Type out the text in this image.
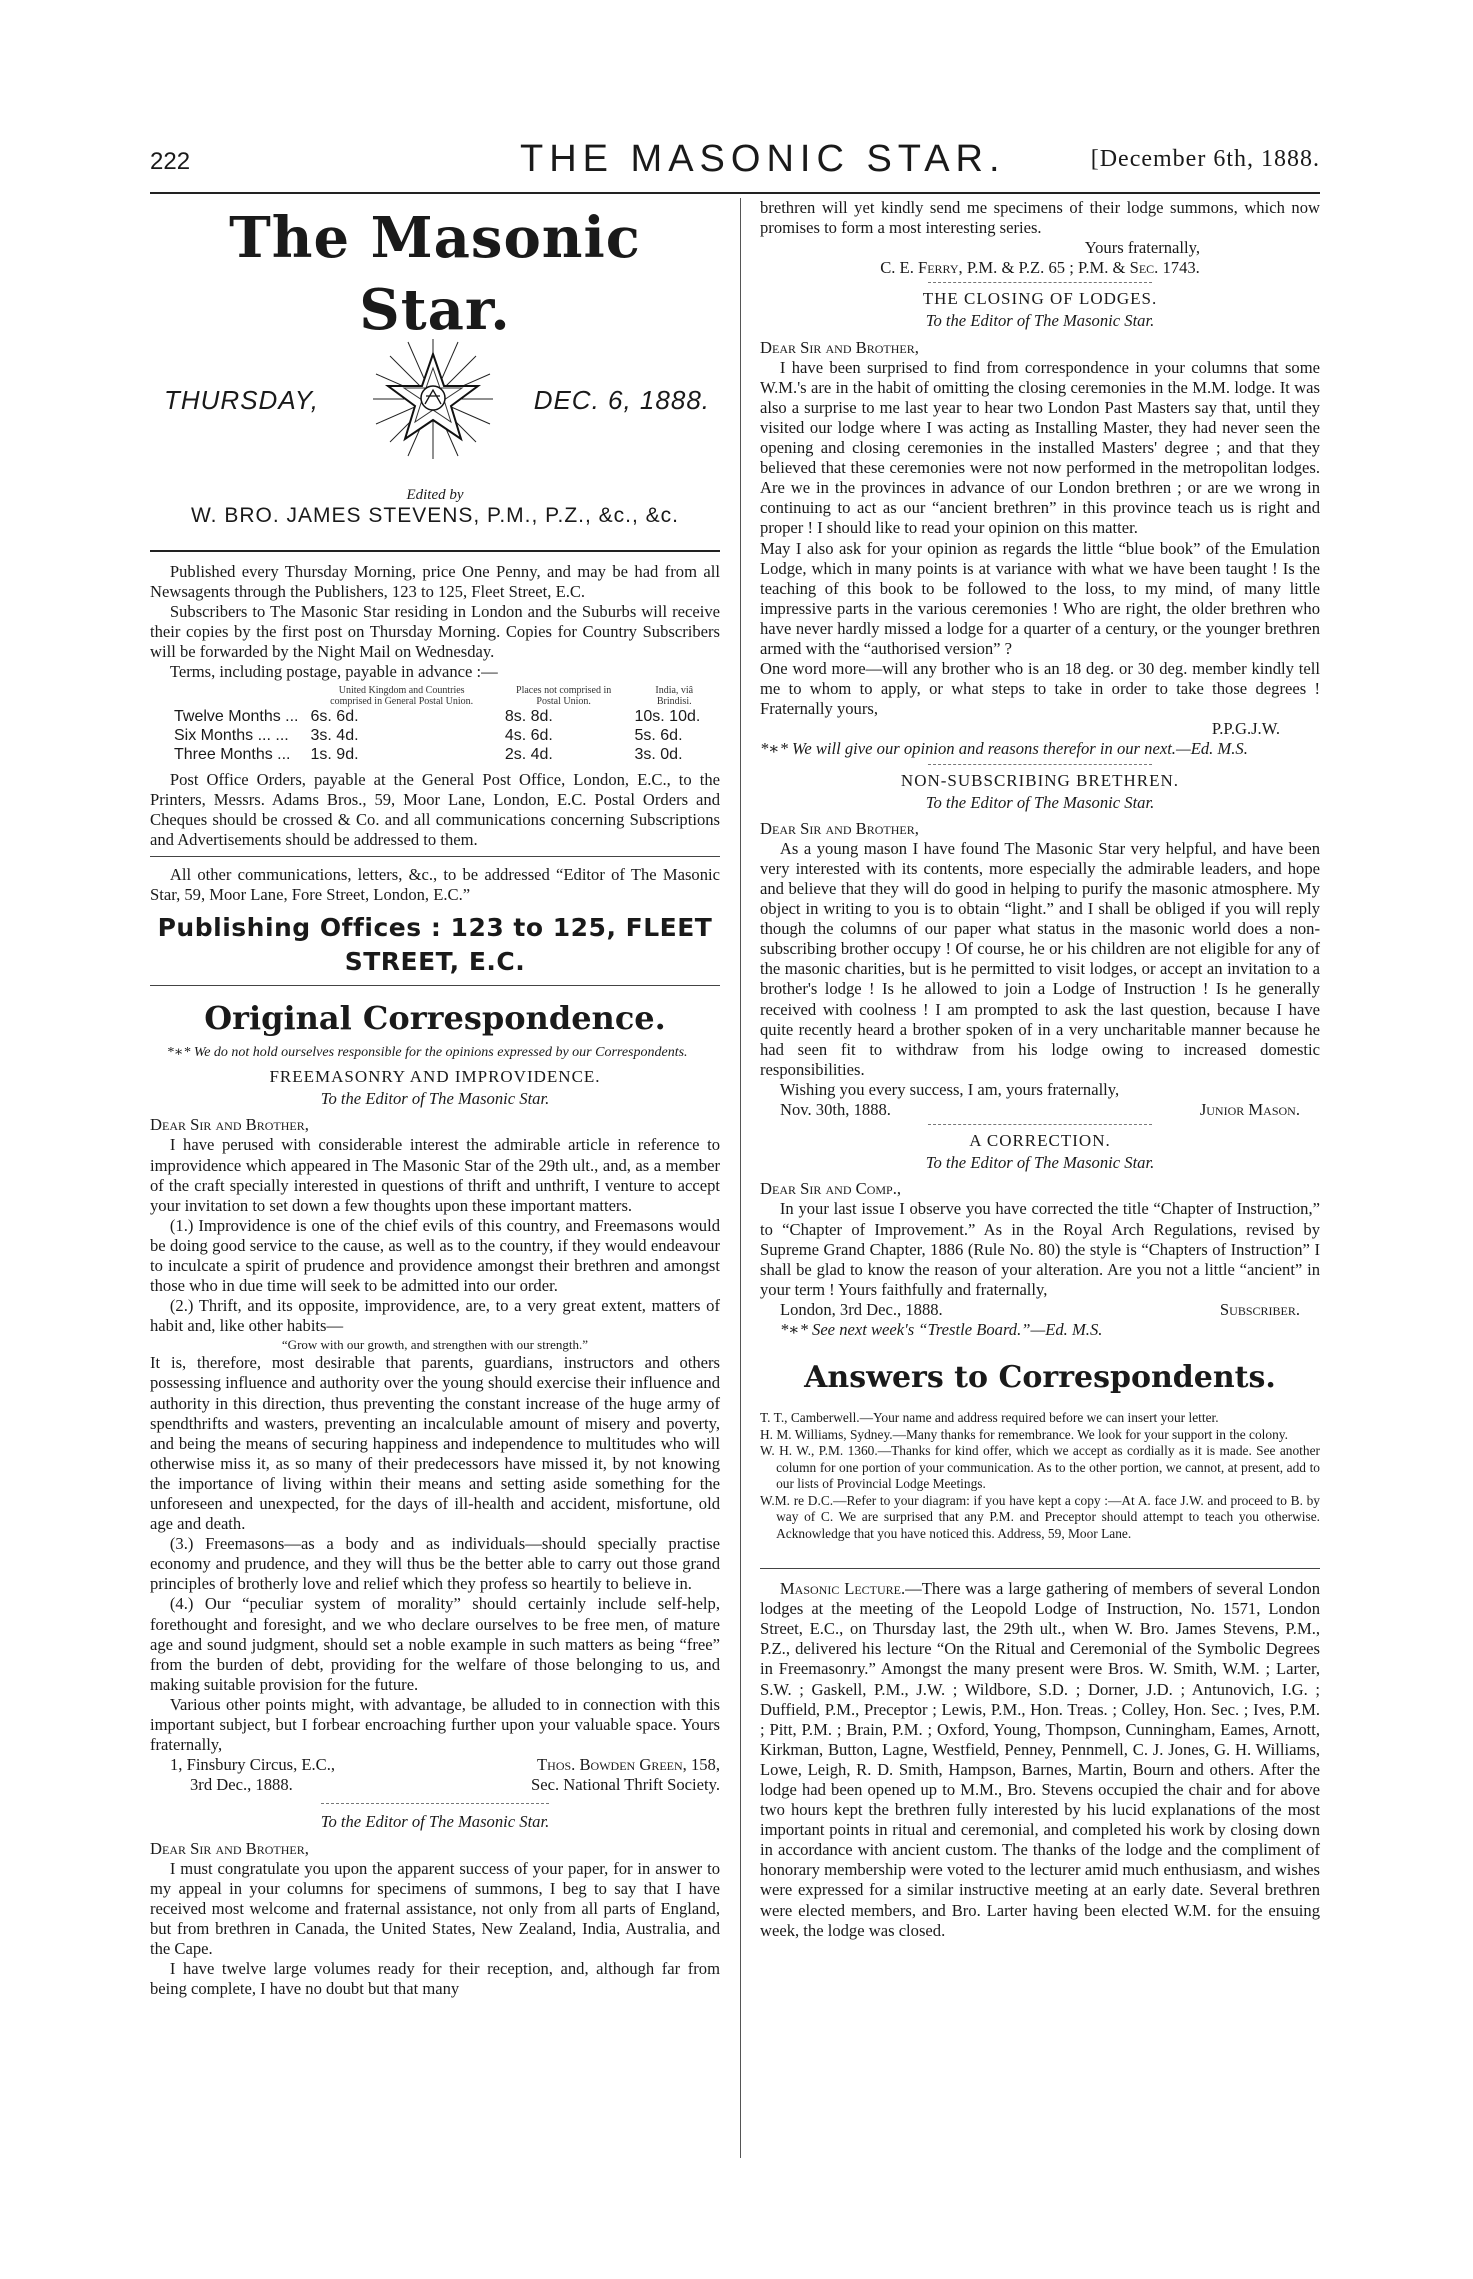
222	THE MASONIC STAR.	[December 6th, 1888.
The Masonic Star.
THURSDAY,	DEC. 6, 1888.
Edited by
W. BRO. JAMES STEVENS, P.M., P.Z., &c., &c.

Published every Thursday Morning, price One Penny, and may be had from all Newsagents through the Publishers, 123 to 125, Fleet Street, E.C.

Subscribers to The Masonic Star residing in London and the Suburbs will receive their copies by the first post on Thursday Morning. Copies for Country Subscribers will be forwarded by the Night Mail on Wednesday.

Terms, including postage, payable in advance :—

	United Kingdom and Countries comprised in General Postal Union.	Places not comprised in Postal Union.	India, viâ Brindisi.
Twelve Months ...	6s. 6d.	8s. 8d.	10s. 10d.
Six Months ... ...	3s. 4d.	4s. 6d.	5s. 6d.
Three Months ...	1s. 9d.	2s. 4d.	3s. 0d.

Post Office Orders, payable at the General Post Office, London, E.C., to the Printers, Messrs. Adams Bros., 59, Moor Lane, London, E.C. Postal Orders and Cheques should be crossed & Co. and all communications concerning Subscriptions and Advertisements should be addressed to them.

All other communications, letters, &c., to be addressed “Editor of The Masonic Star, 59, Moor Lane, Fore Street, London, E.C.”

Publishing Offices : 123 to 125, FLEET STREET, E.C.
Original Correspondence.

*∗* We do not hold ourselves responsible for the opinions expressed by our Correspondents.

FREEMASONRY AND IMPROVIDENCE.
To the Editor of The Masonic Star.

Dear Sir and Brother,

I have perused with considerable interest the admirable article in reference to improvidence which appeared in The Masonic Star of the 29th ult., and, as a member of the craft specially interested in questions of thrift and unthrift, I venture to accept your invitation to set down a few thoughts upon these important matters.

(1.) Improvidence is one of the chief evils of this country, and Freemasons would be doing good service to the cause, as well as to the country, if they would endeavour to inculcate a spirit of prudence and providence amongst their brethren and amongst those who in due time will seek to be admitted into our order.

(2.) Thrift, and its opposite, improvidence, are, to a very great extent, matters of habit and, like other habits—

“Grow with our growth, and strengthen with our strength.”

It is, therefore, most desirable that parents, guardians, instructors and others possessing influence and authority over the young should exercise their influence and authority in this direction, thus preventing the constant increase of the huge army of spendthrifts and wasters, preventing an incalculable amount of misery and poverty, and being the means of securing happiness and independence to multitudes who will otherwise miss it, as so many of their predecessors have missed it, by not knowing the importance of living within their means and setting aside something for the unforeseen and unexpected, for the days of ill-health and accident, misfortune, old age and death.

(3.) Freemasons—as a body and as individuals—should specially practise economy and prudence, and they will thus be the better able to carry out those grand principles of brotherly love and relief which they profess so heartily to believe in.

(4.) Our “peculiar system of morality” should certainly include self-help, forethought and foresight, and we who declare ourselves to be free men, of mature age and sound judgment, should set a noble example in such matters as being “free” from the burden of debt, providing for the welfare of those belonging to us, and making suitable provision for the future.

Various other points might, with advantage, be alluded to in connection with this important subject, but I forbear encroaching further upon your valuable space. Yours fraternally,

1, Finsbury Circus, E.C.,	Thos. Bowden Green, 158,
3rd Dec., 1888.	Sec. National Thrift Society.
To the Editor of The Masonic Star.

Dear Sir and Brother,

I must congratulate you upon the apparent success of your paper, for in answer to my appeal in your columns for specimens of summons, I beg to say that I have received most welcome and fraternal assistance, not only from all parts of England, but from brethren in Canada, the United States, New Zealand, India, Australia, and the Cape.

I have twelve large volumes ready for their reception, and, although far from being complete, I have no doubt but that many

brethren will yet kindly send me specimens of their lodge summons, which now promises to form a most interesting series.

Yours fraternally,

C. E. Ferry, P.M. & P.Z. 65 ; P.M. & Sec. 1743.

THE CLOSING OF LODGES.
To the Editor of The Masonic Star.

Dear Sir and Brother,

I have been surprised to find from correspondence in your columns that some W.M.'s are in the habit of omitting the closing ceremonies in the M.M. lodge. It was also a surprise to me last year to hear two London Past Masters say that, until they visited our lodge where I was acting as Installing Master, they had never seen the opening and closing ceremonies in the installed Masters' degree ; and that they believed that these ceremonies were not now performed in the metropolitan lodges. Are we in the provinces in advance of our London brethren ; or are we wrong in continuing to act as our “ancient brethren” in this province teach us is right and proper ! I should like to read your opinion on this matter.

May I also ask for your opinion as regards the little “blue book” of the Emulation Lodge, which in many points is at variance with what we have been taught ! Is the teaching of this book to be followed to the loss, to my mind, of many little impressive parts in the various ceremonies ! Who are right, the older brethren who have never hardly missed a lodge for a quarter of a century, or the younger brethren armed with the “authorised version” ?

One word more—will any brother who is an 18 deg. or 30 deg. member kindly tell me to whom to apply, or what steps to take in order to take those degrees ! Fraternally yours,

P.P.G.J.W.

*∗* We will give our opinion and reasons therefor in our next.—Ed. M.S.

NON-SUBSCRIBING BRETHREN.
To the Editor of The Masonic Star.

Dear Sir and Brother,

As a young mason I have found The Masonic Star very helpful, and have been very interested with its contents, more especially the admirable leaders, and hope and believe that they will do good in helping to purify the masonic atmosphere. My object in writing to you is to obtain “light.” and I shall be obliged if you will reply though the columns of our paper what status in the masonic world does a non-subscribing brother occupy ! Of course, he or his children are not eligible for any of the masonic charities, but is he permitted to visit lodges, or accept an invitation to a brother's lodge ! Is he allowed to join a Lodge of Instruction ! Is he generally received with coolness ! I am prompted to ask the last question, because I have quite recently heard a brother spoken of in a very uncharitable manner because he had seen fit to withdraw from his lodge owing to increased domestic responsibilities.

Wishing you every success, I am, yours fraternally,

Nov. 30th, 1888.	Junior Mason.
A CORRECTION.
To the Editor of The Masonic Star.

Dear Sir and Comp.,

In your last issue I observe you have corrected the title “Chapter of Instruction,” to “Chapter of Improvement.” As in the Royal Arch Regulations, revised by Supreme Grand Chapter, 1886 (Rule No. 80) the style is “Chapters of Instruction” I shall be glad to know the reason of your alteration. Are you not a little “ancient” in your term ! Yours faithfully and fraternally,

London, 3rd Dec., 1888.	Subscriber.

*∗* See next week's “Trestle Board.”—Ed. M.S.

Answers to Correspondents.

T. T., Camberwell.—Your name and address required before we can insert your letter.

H. M. Williams, Sydney.—Many thanks for remembrance. We look for your support in the colony.

W. H. W., P.M. 1360.—Thanks for kind offer, which we accept as cordially as it is made. See another column for one portion of your communication. As to the other portion, we cannot, at present, add to our lists of Provincial Lodge Meetings.

W.M. re D.C.—Refer to your diagram: if you have kept a copy :—At A. face J.W. and proceed to B. by way of C. We are surprised that any P.M. and Preceptor should attempt to teach you otherwise. Acknowledge that you have noticed this. Address, 59, Moor Lane.

Masonic Lecture.—There was a large gathering of members of several London lodges at the meeting of the Leopold Lodge of Instruction, No. 1571, London Street, E.C., on Thursday last, the 29th ult., when W. Bro. James Stevens, P.M., P.Z., delivered his lecture “On the Ritual and Ceremonial of the Symbolic Degrees in Freemasonry.” Amongst the many present were Bros. W. Smith, W.M. ; Larter, S.W. ; Gaskell, P.M., J.W. ; Wildbore, S.D. ; Dorner, J.D. ; Antunovich, I.G. ; Duffield, P.M., Preceptor ; Lewis, P.M., Hon. Treas. ; Colley, Hon. Sec. ; Ives, P.M. ; Pitt, P.M. ; Brain, P.M. ; Oxford, Young, Thompson, Cunningham, Eames, Arnott, Kirkman, Button, Lagne, Westfield, Penney, Pennmell, C. J. Jones, G. H. Williams, Lowe, Leigh, R. D. Smith, Hampson, Barnes, Martin, Bourn and others. After the lodge had been opened up to M.M., Bro. Stevens occupied the chair and for above two hours kept the brethren fully interested by his lucid explanations of the most important points in ritual and ceremonial, and completed his work by closing down in accordance with ancient custom. The thanks of the lodge and the compliment of honorary membership were voted to the lecturer amid much enthusiasm, and wishes were expressed for a similar instructive meeting at an early date. Several brethren were elected members, and Bro. Larter having been elected W.M. for the ensuing week, the lodge was closed.
